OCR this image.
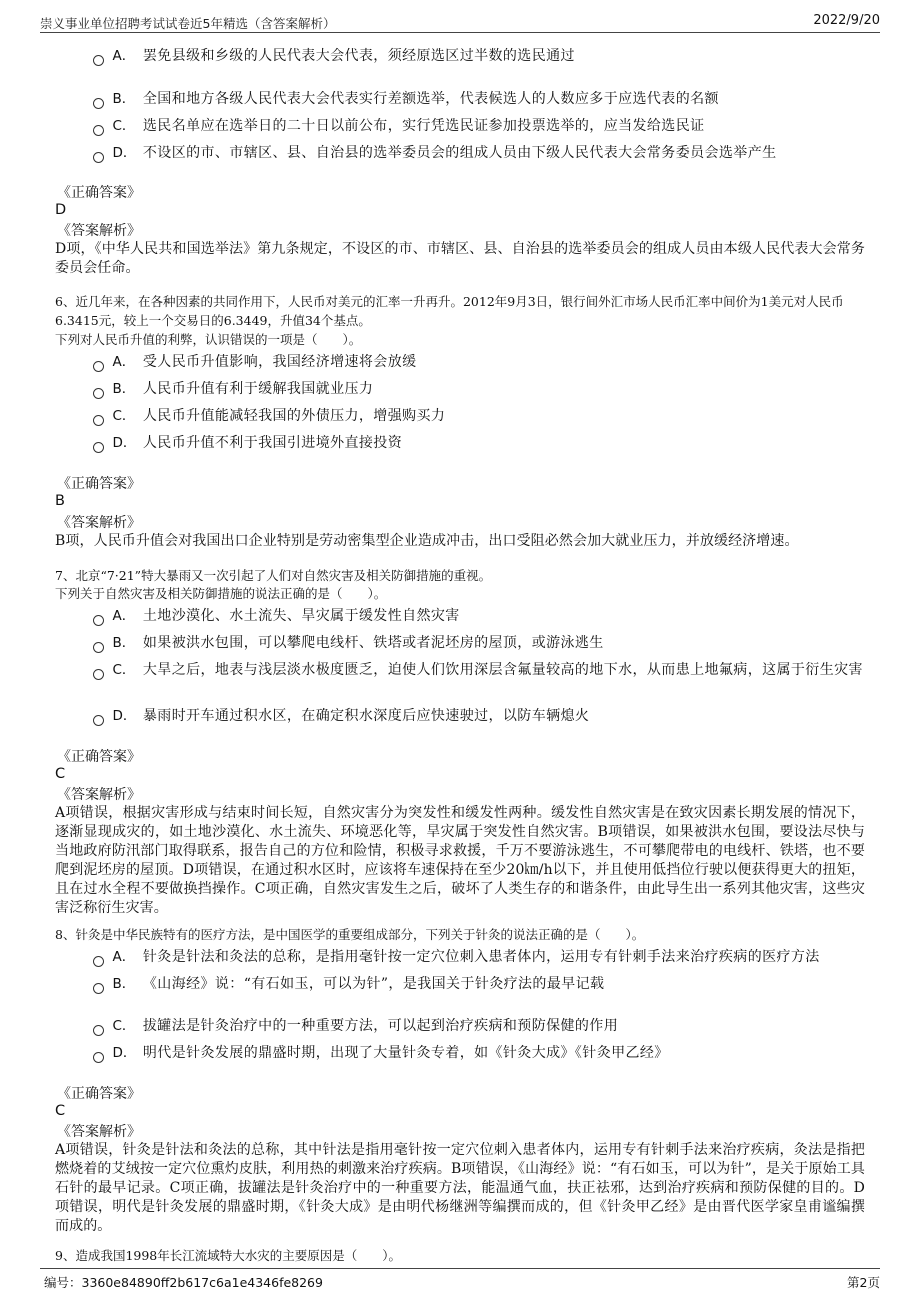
崇义事业单位招聘考试试卷近5年精选（含答案解析）	2022/9/20
A． 罢免县级和乡级的人民代表大会代表，须经原选区过半数的选民通过
B． 全国和地方各级人民代表大会代表实行差额选举，代表候选人的人数应多于应选代表的名额
C． 选民名单应在选举日的二十日以前公布，实行凭选民证参加投票选举的，应当发给选民证
D． 不设区的市、市辖区、县、自治县的选举委员会的组成人员由下级人民代表大会常务委员会选举产生
《正确答案》
D
《答案解析》
D项，《中华人民共和国选举法》第九条规定，不设区的市、市辖区、县、自治县的选举委员会的组成人员由本级人民代表大会常务委员会任命。
6、近几年来，在各种因素的共同作用下，人民币对美元的汇率一升再升。2012年9月3日，银行间外汇市场人民币汇率中间价为1美元对人民币6.3415元，较上一个交易日的6.3449，升值34个基点。
下列对人民币升值的利弊，认识错误的一项是（　　）。
A． 受人民币升值影响，我国经济增速将会放缓
B． 人民币升值有利于缓解我国就业压力
C． 人民币升值能减轻我国的外债压力，增强购买力
D． 人民币升值不利于我国引进境外直接投资
《正确答案》
B
《答案解析》
B项，人民币升值会对我国出口企业特别是劳动密集型企业造成冲击，出口受阻必然会加大就业压力，并放缓经济增速。
7、北京“7·21”特大暴雨又一次引起了人们对自然灾害及相关防御措施的重视。
下列关于自然灾害及相关防御措施的说法正确的是（　　）。
A． 土地沙漠化、水土流失、旱灾属于缓发性自然灾害
B． 如果被洪水包围，可以攀爬电线杆、铁塔或者泥坯房的屋顶，或游泳逃生
C． 大旱之后，地表与浅层淡水极度匮乏，迫使人们饮用深层含氟量较高的地下水，从而患上地氟病，这属于衍生灾害
D． 暴雨时开车通过积水区，在确定积水深度后应快速驶过，以防车辆熄火
《正确答案》
C
《答案解析》
A项错误，根据灾害形成与结束时间长短，自然灾害分为突发性和缓发性两种。缓发性自然灾害是在致灾因素长期发展的情况下，逐渐显现成灾的，如土地沙漠化、水土流失、环境恶化等，旱灾属于突发性自然灾害。B项错误，如果被洪水包围，要设法尽快与当地政府防汛部门取得联系，报告自己的方位和险情，积极寻求救援，千万不要游泳逃生，不可攀爬带电的电线杆、铁塔，也不要爬到泥坯房的屋顶。D项错误，在通过积水区时，应该将车速保持在至少20㎞/h以下，并且使用低挡位行驶以便获得更大的扭矩，且在过水全程不要做换挡操作。C项正确，自然灾害发生之后，破坏了人类生存的和谐条件，由此导生出一系列其他灾害，这些灾害泛称衍生灾害。
8、针灸是中华民族特有的医疗方法，是中国医学的重要组成部分，下列关于针灸的说法正确的是（　　）。
A． 针灸是针法和灸法的总称，是指用毫针按一定穴位刺入患者体内，运用专有针刺手法来治疗疾病的医疗方法
B． 《山海经》说：“有石如玉，可以为针”，是我国关于针灸疗法的最早记载
C． 拔罐法是针灸治疗中的一种重要方法，可以起到治疗疾病和预防保健的作用
D． 明代是针灸发展的鼎盛时期，出现了大量针灸专着，如《针灸大成》《针灸甲乙经》
《正确答案》
C
《答案解析》
A项错误，针灸是针法和灸法的总称，其中针法是指用毫针按一定穴位刺入患者体内，运用专有针刺手法来治疗疾病，灸法是指把燃烧着的艾绒按一定穴位熏灼皮肤，利用热的刺激来治疗疾病。B项错误，《山海经》说：“有石如玉，可以为针”，是关于原始工具石针的最早记录。C项正确，拔罐法是针灸治疗中的一种重要方法，能温通气血，扶正祛邪，达到治疗疾病和预防保健的目的。D项错误，明代是针灸发展的鼎盛时期，《针灸大成》是由明代杨继洲等编撰而成的，但《针灸甲乙经》是由晋代医学家皇甫谧编撰而成的。
9、造成我国1998年长江流域特大水灾的主要原因是（　　）。
编号：3360e84890ff2b617c6a1e4346fe8269	第2页
